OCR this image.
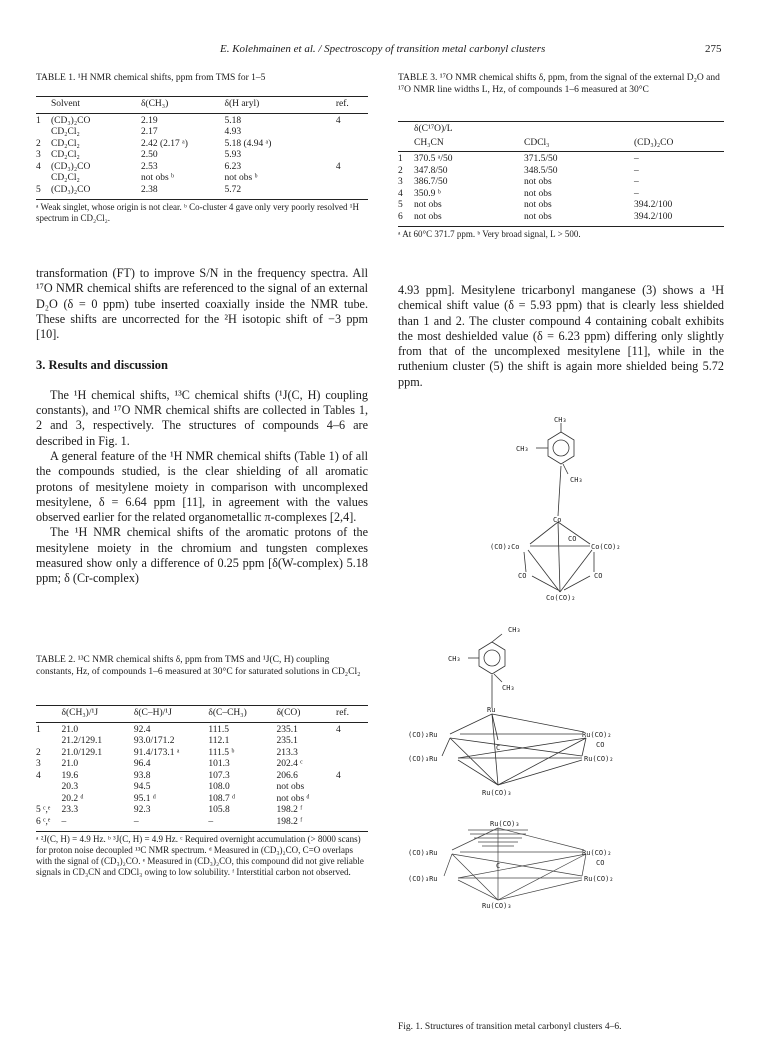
E. Kolehmainen et al. / Spectroscopy of transition metal carbonyl clusters	275
TABLE 1. ¹H NMR chemical shifts, ppm from TMS for 1–5
	Solvent	δ(CH₃)	δ(H aryl)	ref.
1	(CD₃)₂CO	2.19	5.18	4
	CD₂Cl₂	2.17	4.93	
2	CD₂Cl₂	2.42 (2.17 ᵃ)	5.18 (4.94 ᵃ)	
3	CD₂Cl₂	2.50	5.93	
4	(CD₃)₂CO	2.53	6.23	4
	CD₂Cl₂	not obs ᵇ	not obs ᵇ	
5	(CD₃)₂CO	2.38	5.72	
ᵃ Weak singlet, whose origin is not clear. ᵇ Co-cluster 4 gave only very poorly resolved ¹H spectrum in CD₂Cl₂.
TABLE 3. ¹⁷O NMR chemical shifts δ, ppm, from the signal of the external D₂O and ¹⁷O NMR line widths L, Hz, of compounds 1–6 measured at 30°C
	δ(C¹⁷O)/L		
	CH₃CN	CDCl₃	(CD₃)₂CO
1	370.5 ᵃ/50	371.5/50	–
2	347.8/50	348.5/50	–
3	386.7/50	not obs	–
4	350.9 ᵇ	not obs	–
5	not obs	not obs	394.2/100
6	not obs	not obs	394.2/100
ᵃ At 60°C 371.7 ppm. ᵇ Very broad signal, L > 500.

transformation (FT) to improve S/N in the frequency spectra. All ¹⁷O NMR chemical shifts are referenced to the signal of an external D₂O (δ = 0 ppm) tube inserted coaxially inside the NMR tube. These shifts are uncorrected for the ²H isotopic shift of −3 ppm [10].

3. Results and discussion

The ¹H chemical shifts, ¹³C chemical shifts (¹J(C, H) coupling constants), and ¹⁷O NMR chemical shifts are collected in Tables 1, 2 and 3, respectively. The structures of compounds 4–6 are described in Fig. 1.

A general feature of the ¹H NMR chemical shifts (Table 1) of all the compounds studied, is the clear shielding of all aromatic protons of mesitylene moiety in comparison with uncomplexed mesitylene, δ = 6.64 ppm [11], in agreement with the values observed earlier for the related organometallic π-complexes [2,4].

The ¹H NMR chemical shifts of the aromatic protons of the mesitylene moiety in the chromium and tungsten complexes measured show only a difference of 0.25 ppm [δ(W-complex) 5.18 ppm; δ (Cr-complex)

4.93 ppm]. Mesitylene tricarbonyl manganese (3) shows a ¹H chemical shift value (δ = 5.93 ppm) that is clearly less shielded than 1 and 2. The cluster compound 4 containing cobalt exhibits the most deshielded value (δ = 6.23 ppm) differing only slightly from that of the uncomplexed mesitylene [11], while in the ruthenium cluster (5) the shift is again more shielded being 5.72 ppm.

TABLE 2. ¹³C NMR chemical shifts δ, ppm from TMS and ¹J(C, H) coupling constants, Hz, of compounds 1–6 measured at 30°C for saturated solutions in CD₂Cl₂
	δ(CH₃)/¹J	δ(C–H)/¹J	δ(C–CH₃)	δ(CO)	ref.
1	21.0	92.4	111.5	235.1	4
	21.2/129.1	93.0/171.2	112.1	235.1	
2	21.0/129.1	91.4/173.1 ᵃ	111.5 ᵇ	213.3	
3	21.0	96.4	101.3	202.4 ᶜ	
4	19.6	93.8	107.3	206.6	4
	20.3	94.5	108.0	not obs	
	20.2 ᵈ	95.1 ᵈ	108.7 ᵈ	not obs ᵈ	
5 ᶜ,ᵉ	23.3	92.3	105.8	198.2 ᶠ	
6 ᶜ,ᵉ	–	–	–	198.2 ᶠ	
ᵃ ²J(C, H) = 4.9 Hz. ᵇ ³J(C, H) = 4.9 Hz. ᶜ Required overnight accumulation (> 8000 scans) for proton noise decoupled ¹³C NMR spectrum. ᵈ Measured in (CD₃)₂CO, C=O overlaps with the signal of (CD₃)₂CO. ᵉ Measured in (CD₃)₂CO, this compound did not give reliable signals in CD₃CN and CDCl₃ owing to low solubility. ᶠ Interstitial carbon not observed.
CH₃
CH₃
CH₃
Co
CO
(CO)₂Co	Co(CO)₂
CO	CO
Co(CO)₂
CH₃
CH₃
CH₃
Ru
(CO)₂Ru	Ru(CO)₂
CO
(CO)₃Ru	Ru(CO)₂
C
Ru(CO)₃
Ru(CO)₃
(CO)₃Ru	Ru(CO)₂
CO
(CO)₃Ru	Ru(CO)₂
C
Ru(CO)₃
Fig. 1. Structures of transition metal carbonyl clusters 4–6.
